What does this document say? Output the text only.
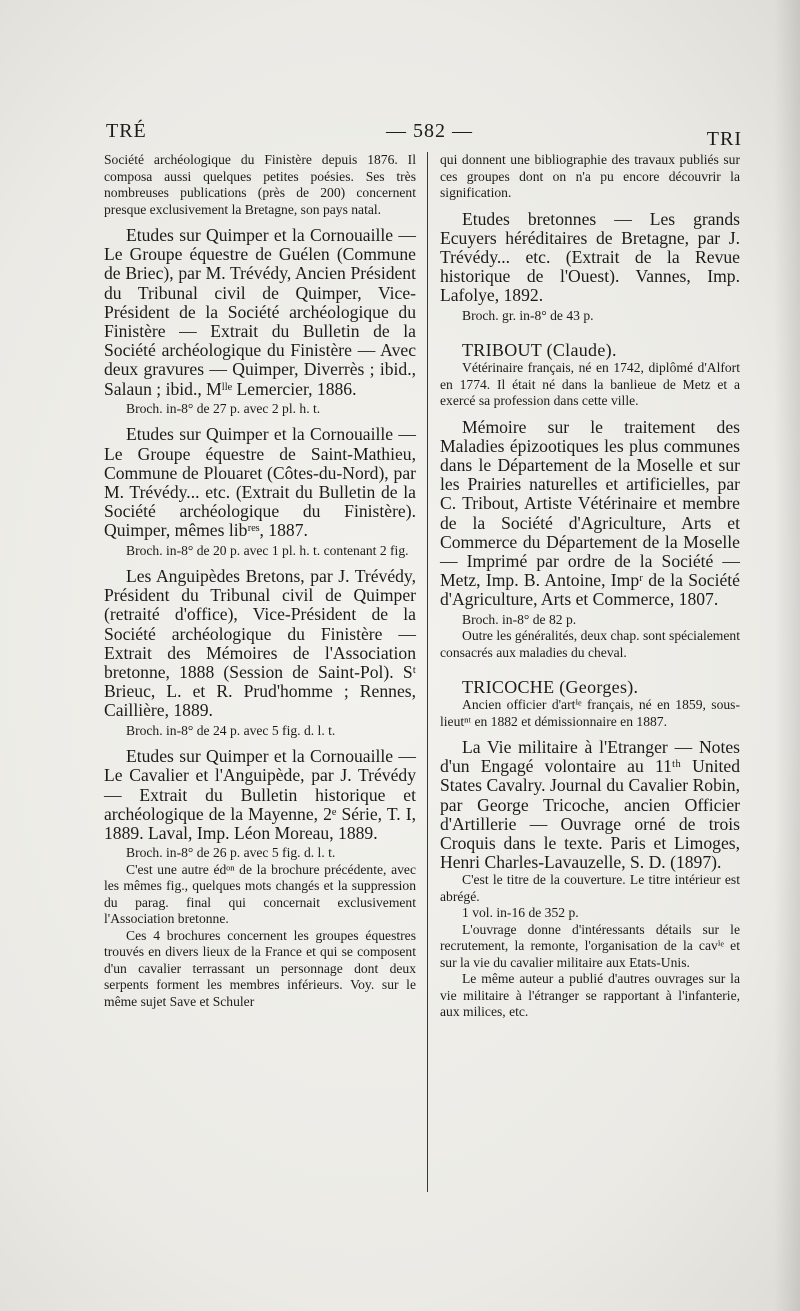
TRÉ	— 582 —	TRI

Société archéologique du Finistère depuis 1876. Il composa aussi quelques petites poésies. Ses très nombreuses publications (près de 200) concernent presque exclusivement la Bretagne, son pays natal.

Etudes sur Quimper et la Cornouaille — Le Groupe équestre de Guélen (Commune de Briec), par M. Trévédy, Ancien Président du Tribunal civil de Quimper, Vice-Président de la Société archéologique du Finistère — Extrait du Bulletin de la Société archéologique du Finistère — Avec deux gravures — Quimper, Diverrès ; ibid., Salaun ; ibid., Mˡˡᵉ Lemercier, 1886.

Broch. in-8° de 27 p. avec 2 pl. h. t.

Etudes sur Quimper et la Cornouaille — Le Groupe équestre de Saint-Mathieu, Commune de Plouaret (Côtes-du-Nord), par M. Trévédy... etc. (Extrait du Bulletin de la Société archéologique du Finistère). Quimper, mêmes libʳᵉˢ, 1887.

Broch. in-8° de 20 p. avec 1 pl. h. t. contenant 2 fig.

Les Anguipèdes Bretons, par J. Trévédy, Président du Tribunal civil de Quimper (retraité d'office), Vice-Président de la Société archéologique du Finistère — Extrait des Mémoires de l'Association bretonne, 1888 (Session de Saint-Pol). Sᵗ Brieuc, L. et R. Prud'homme ; Rennes, Caillière, 1889.

Broch. in-8° de 24 p. avec 5 fig. d. l. t.

Etudes sur Quimper et la Cornouaille — Le Cavalier et l'Anguipède, par J. Trévédy — Extrait du Bulletin historique et archéologique de la Mayenne, 2ᵉ Série, T. I, 1889. Laval, Imp. Léon Moreau, 1889.

Broch. in-8° de 26 p. avec 5 fig. d. l. t.

C'est une autre édᵒⁿ de la brochure précédente, avec les mêmes fig., quelques mots changés et la suppression du parag. final qui concernait exclusivement l'Association bretonne.

Ces 4 brochures concernent les groupes équestres trouvés en divers lieux de la France et qui se composent d'un cavalier terrassant un personnage dont deux serpents forment les membres inférieurs. Voy. sur le même sujet Save et Schuler

qui donnent une bibliographie des travaux publiés sur ces groupes dont on n'a pu encore découvrir la signification.

Etudes bretonnes — Les grands Ecuyers héréditaires de Bretagne, par J. Trévédy... etc. (Extrait de la Revue historique de l'Ouest). Vannes, Imp. Lafolye, 1892.

Broch. gr. in-8° de 43 p.

TRIBOUT (Claude).

Vétérinaire français, né en 1742, diplômé d'Alfort en 1774. Il était né dans la banlieue de Metz et a exercé sa profession dans cette ville.

Mémoire sur le traitement des Maladies épizootiques les plus communes dans le Département de la Moselle et sur les Prairies naturelles et artificielles, par C. Tribout, Artiste Vétérinaire et membre de la Société d'Agriculture, Arts et Commerce du Département de la Moselle — Imprimé par ordre de la Société — Metz, Imp. B. Antoine, Impʳ de la Société d'Agriculture, Arts et Commerce, 1807.

Broch. in-8° de 82 p.

Outre les généralités, deux chap. sont spécialement consacrés aux maladies du cheval.

TRICOCHE (Georges).

Ancien officier d'artⁱᵉ français, né en 1859, sous-lieutⁿᵗ en 1882 et démissionnaire en 1887.

La Vie militaire à l'Etranger — Notes d'un Engagé volontaire au 11ᵗʰ United States Cavalry. Journal du Cavalier Robin, par George Tricoche, ancien Officier d'Artillerie — Ouvrage orné de trois Croquis dans le texte. Paris et Limoges, Henri Charles-Lavauzelle, S. D. (1897).

C'est le titre de la couverture. Le titre intérieur est abrégé.

1 vol. in-16 de 352 p.

L'ouvrage donne d'intéressants détails sur le recrutement, la remonte, l'organisation de la cavⁱᵉ et sur la vie du cavalier militaire aux Etats-Unis.

Le même auteur a publié d'autres ouvrages sur la vie militaire à l'étranger se rapportant à l'infanterie, aux milices, etc.
